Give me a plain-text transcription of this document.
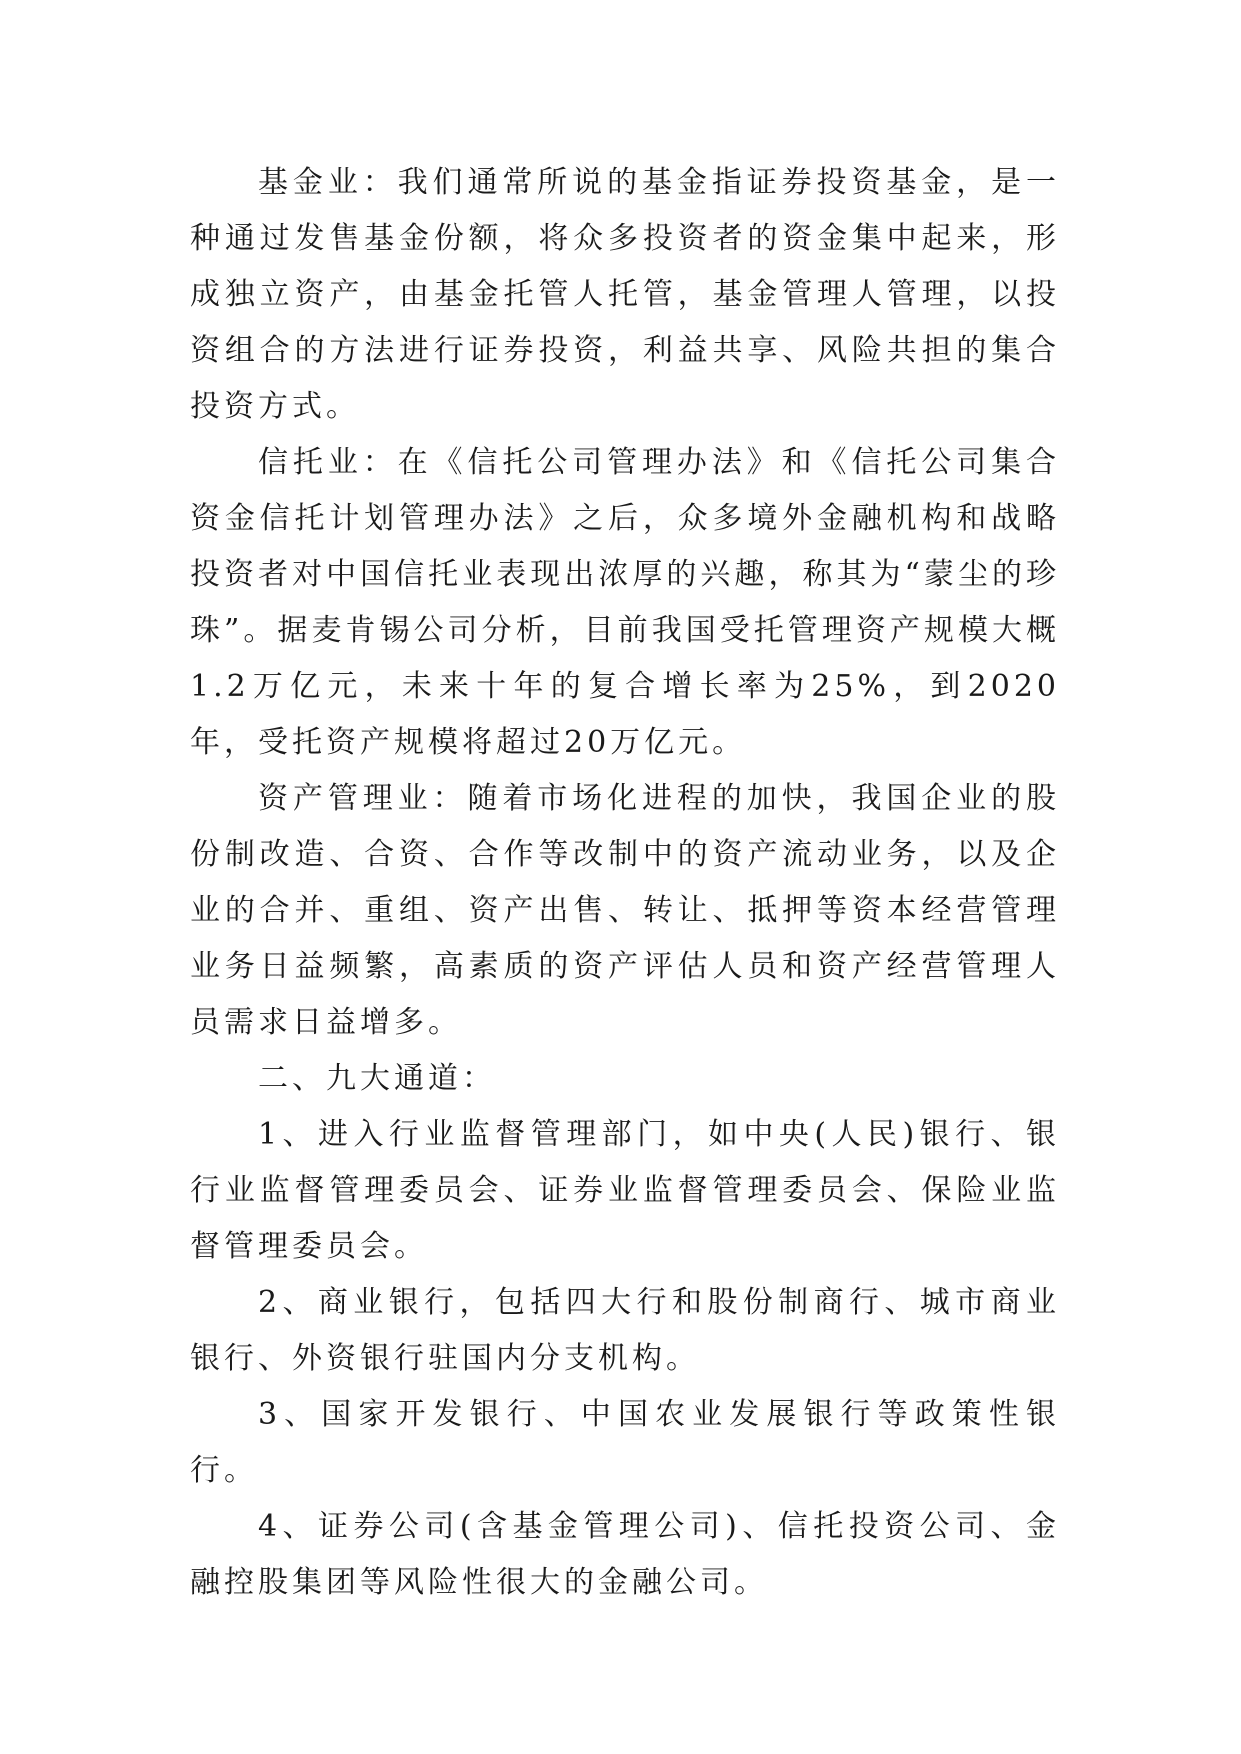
基金业：我们通常所说的基金指证券投资基金，是一种通过发售基金份额，将众多投资者的资金集中起来，形成独立资产，由基金托管人托管，基金管理人管理，以投资组合的方法进行证券投资，利益共享、风险共担的集合投资方式。

信托业：在《信托公司管理办法》和《信托公司集合资金信托计划管理办法》之后，众多境外金融机构和战略投资者对中国信托业表现出浓厚的兴趣，称其为“蒙尘的珍珠”。据麦肯锡公司分析，目前我国受托管理资产规模大概1.2万亿元，未来十年的复合增长率为25%，到2020年，受托资产规模将超过20万亿元。

资产管理业：随着市场化进程的加快，我国企业的股份制改造、合资、合作等改制中的资产流动业务，以及企业的合并、重组、资产出售、转让、抵押等资本经营管理业务日益频繁，高素质的资产评估人员和资产经营管理人员需求日益增多。

二、九大通道：

1、进入行业监督管理部门，如中央(人民)银行、银行业监督管理委员会、证券业监督管理委员会、保险业监督管理委员会。

2、商业银行，包括四大行和股份制商行、城市商业银行、外资银行驻国内分支机构。

3、国家开发银行、中国农业发展银行等政策性银行。

4、证券公司(含基金管理公司)、信托投资公司、金融控股集团等风险性很大的金融公司。
